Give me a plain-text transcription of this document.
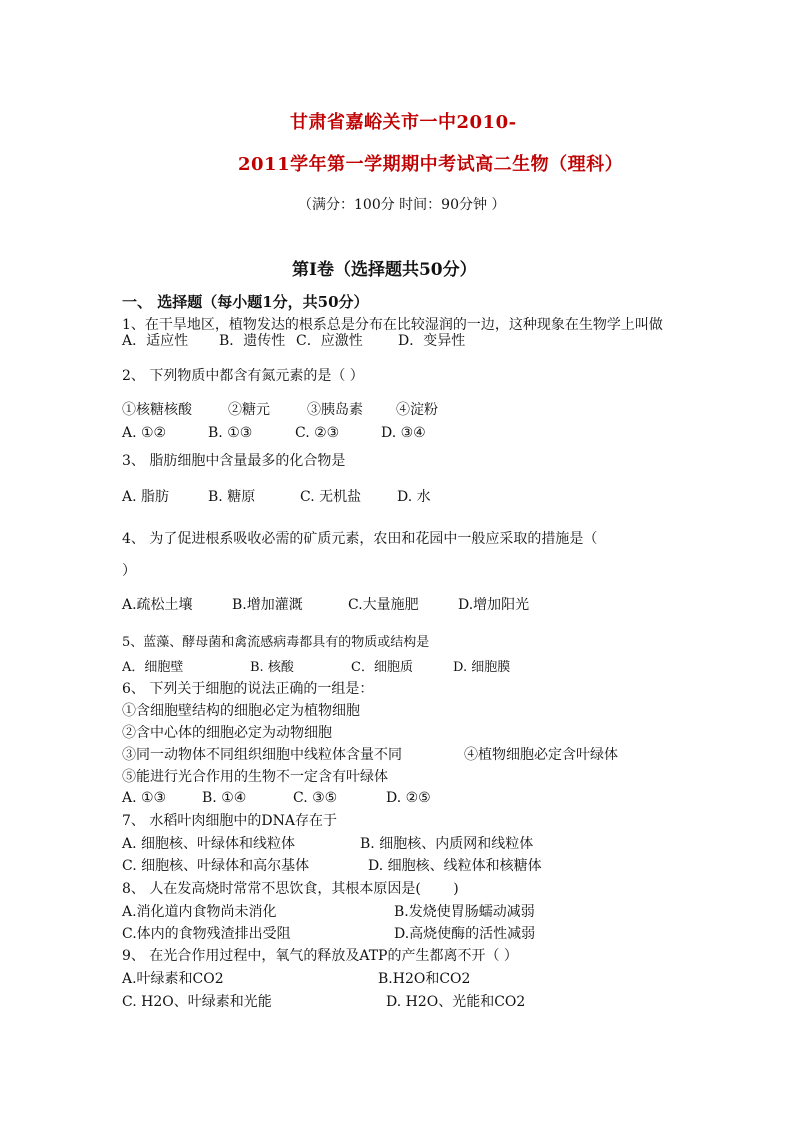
甘肃省嘉峪关市一中2010-
2011学年第一学期期中考试高二生物（理科）
（满分：100分 时间：90分钟 ）
第Ⅰ卷（选择题共50分）
一、 选择题（每小题1分，共50分）
1、在干旱地区，植物发达的根系总是分布在比较湿润的一边，这种现象在生物学上叫做
A．适应性 B．遗传性 C．应激性	D．变异性
2、 下列物质中都含有氮元素的是（ ）
①核糖核酸	②糖元	③胰岛素 ④淀粉
A. ①②	B. ①③	C. ②③	D. ③④
3、 脂肪细胞中含量最多的化合物是
A. 脂肪	B. 糖原	C. 无机盐	D. 水
4、 为了促进根系吸收必需的矿质元素，农田和花园中一般应采取的措施是（
）
A.疏松土壤	B.增加灌溉	C.大量施肥	D.增加阳光
5、蓝藻、酵母菌和禽流感病毒都具有的物质或结构是
A．细胞壁	B. 核酸	C．细胞质	D. 细胞膜
6、 下列关于细胞的说法正确的一组是：
①含细胞壁结构的细胞必定为植物细胞
②含中心体的细胞必定为动物细胞
③同一动物体不同组织细胞中线粒体含量不同	④植物细胞必定含叶绿体
⑤能进行光合作用的生物不一定含有叶绿体
A. ①③	B. ①④	C. ③⑤	D. ②⑤
7、 水稻叶肉细胞中的DNA存在于
A. 细胞核、叶绿体和线粒体	B. 细胞核、内质网和线粒体
C. 细胞核、叶绿体和高尔基体	D. 细胞核、线粒体和核糖体
8、 人在发高烧时常常不思饮食，其根本原因是(　　 )
A.消化道内食物尚未消化	B.发烧使胃肠蠕动减弱
C.体内的食物残渣排出受阻	D.高烧使酶的活性减弱
9、 在光合作用过程中，氧气的释放及ATP的产生都离不开（ ）
A.叶绿素和CO2	B.H2O和CO2
C. H2O、叶绿素和光能	D. H2O、光能和CO2
